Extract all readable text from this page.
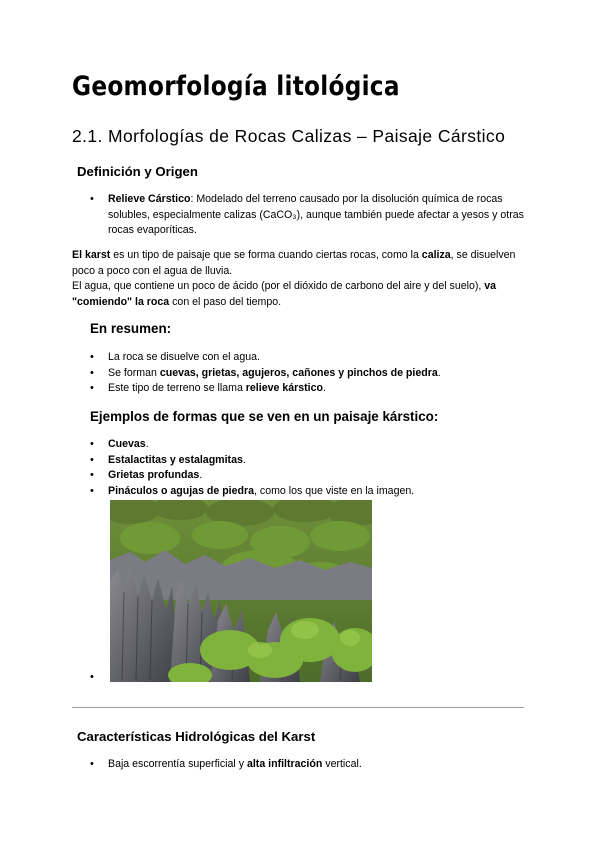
Geomorfología litológica
2.1. Morfologías de Rocas Calizas – Paisaje Cárstico
Definición y Origen
• Relieve Cárstico: Modelado del terreno causado por la disolución química de rocas solubles, especialmente calizas (CaCO₃), aunque también puede afectar a yesos y otras rocas evaporíticas.
El karst es un tipo de paisaje que se forma cuando ciertas rocas, como la caliza, se disuelven poco a poco con el agua de lluvia.
El agua, que contiene un poco de ácido (por el dióxido de carbono del aire y del suelo), va "comiendo" la roca con el paso del tiempo.
En resumen:
• La roca se disuelve con el agua.
• Se forman cuevas, grietas, agujeros, cañones y pinchos de piedra.
• Este tipo de terreno se llama relieve kárstico.
Ejemplos de formas que se ven en un paisaje kárstico:
• Cuevas.
• Estalactitas y estalagmitas.
• Grietas profundas.
• Pináculos o agujas de piedra, como los que viste en la imagen.
•
Características Hidrológicas del Karst
• Baja escorrentía superficial y alta infiltración vertical.
